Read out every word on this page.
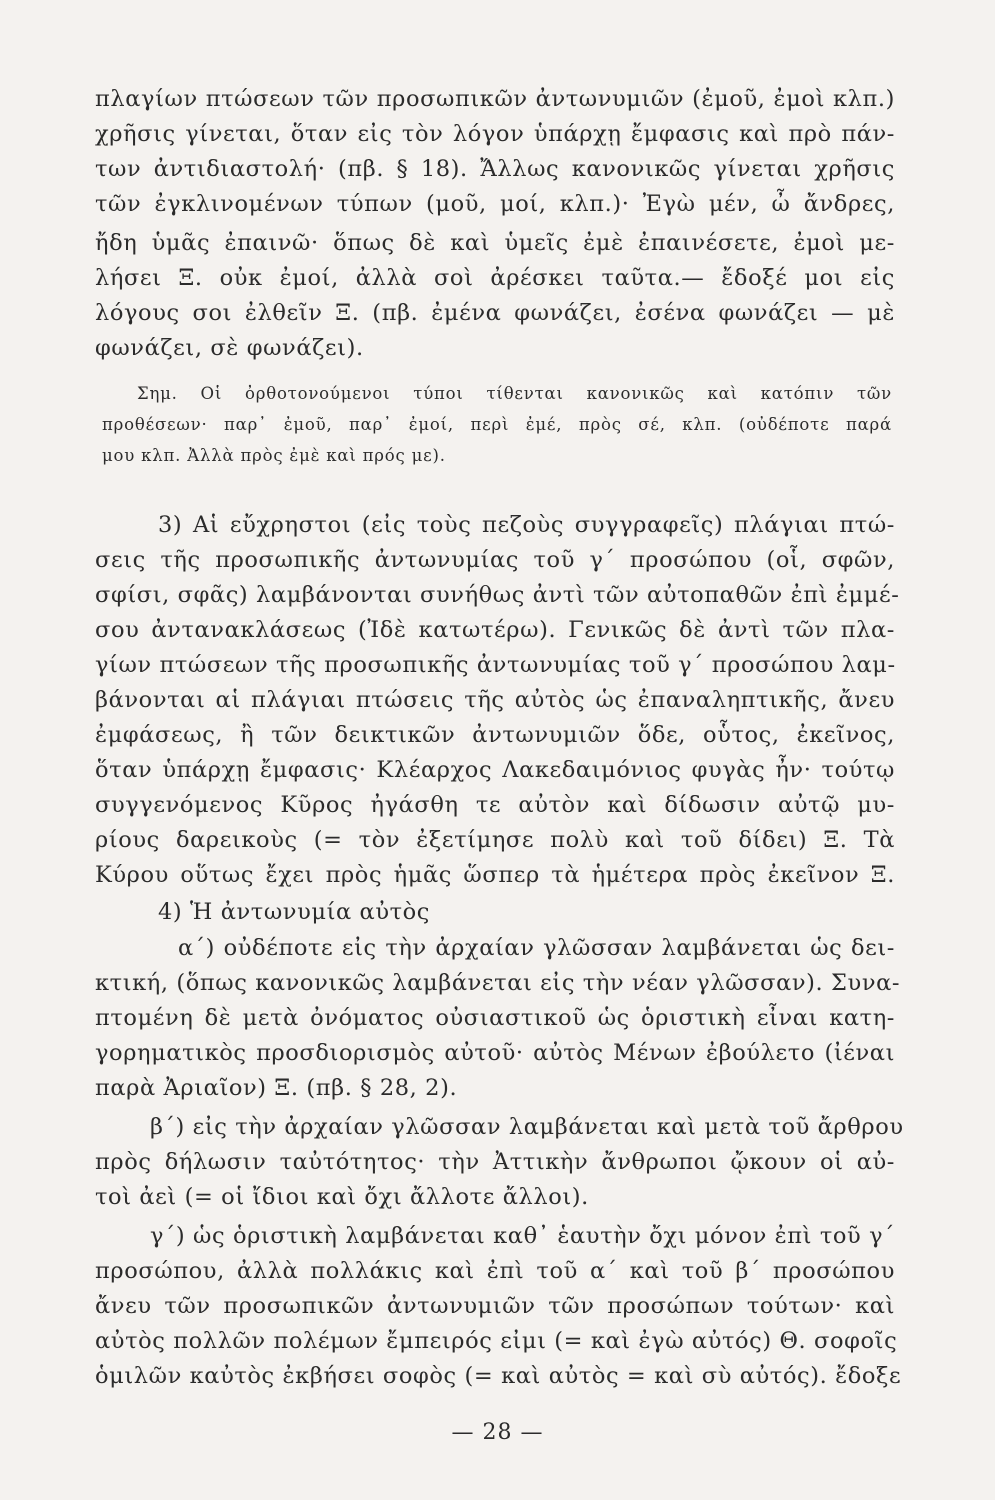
πλαγίων πτώσεων τῶν προσωπικῶν ἀντωνυμιῶν (ἐμοῦ, ἐμοὶ κλπ.)
χρῆσις γίνεται, ὅταν εἰς τὸν λόγον ὑπάρχῃ ἔμφασις καὶ πρὸ πάν-
των ἀντιδιαστολή· (πβ. § 18). Ἄλλως κανονικῶς γίνεται χρῆσις
τῶν ἐγκλινομένων τύπων (μοῦ, μοί, κλπ.)· Ἐγὼ μέν, ὦ ἄνδρες,
ἤδη ὑμᾶς ἐπαινῶ· ὅπως δὲ καὶ ὑμεῖς ἐμὲ ἐπαινέσετε, ἐμοὶ με-
λήσει Ξ. οὐκ ἐμοί, ἀλλὰ σοὶ ἀρέσκει ταῦτα.— ἔδοξέ μοι εἰς
λόγους σοι ἐλθεῖν Ξ. (πβ. ἐμένα φωνάζει, ἐσένα φωνάζει — μὲ
φωνάζει, σὲ φωνάζει).
Σημ. Οἱ ὀρθοτονούμενοι τύποι τίθενται κανονικῶς καὶ κατόπιν τῶν
προθέσεων· παρ᾽ ἐμοῦ, παρ᾽ ἐμοί, περὶ ἐμέ, πρὸς σέ, κλπ. (οὐδέποτε παρά
μου κλπ. Ἀλλὰ πρὸς ἐμὲ καὶ πρός με).
3) Αἱ εὔχρηστοι (εἰς τοὺς πεζοὺς συγγραφεῖς) πλάγιαι πτώ-
σεις τῆς προσωπικῆς ἀντωνυμίας τοῦ γ΄ προσώπου (οἷ, σφῶν,
σφίσι, σφᾶς) λαμβάνονται συνήθως ἀντὶ τῶν αὐτοπαθῶν ἐπὶ ἐμμέ-
σου ἀντανακλάσεως (Ἰδὲ κατωτέρω). Γενικῶς δὲ ἀντὶ τῶν πλα-
γίων πτώσεων τῆς προσωπικῆς ἀντωνυμίας τοῦ γ΄ προσώπου λαμ-
βάνονται αἱ πλάγιαι πτώσεις τῆς αὐτὸς ὡς ἐπαναληπτικῆς, ἄνευ
ἐμφάσεως, ἢ τῶν δεικτικῶν ἀντωνυμιῶν ὅδε, οὗτος, ἐκεῖνος,
ὅταν ὑπάρχῃ ἔμφασις· Κλέαρχος Λακεδαιμόνιος φυγὰς ἦν· τούτῳ
συγγενόμενος Κῦρος ἠγάσθη τε αὐτὸν καὶ δίδωσιν αὐτῷ μυ-
ρίους δαρεικοὺς (= τὸν ἐξετίμησε πολὺ καὶ τοῦ δίδει) Ξ. Τὰ
Κύρου οὕτως ἔχει πρὸς ἡμᾶς ὥσπερ τὰ ἡμέτερα πρὸς ἐκεῖνον Ξ.
4) Ἡ ἀντωνυμία αὐτὸς
α΄) οὐδέποτε εἰς τὴν ἀρχαίαν γλῶσσαν λαμβάνεται ὡς δει-
κτική, (ὅπως κανονικῶς λαμβάνεται εἰς τὴν νέαν γλῶσσαν). Συνα-
πτομένη δὲ μετὰ ὀνόματος οὐσιαστικοῦ ὡς ὁριστικὴ εἶναι κατη-
γορηματικὸς προσδιορισμὸς αὐτοῦ· αὐτὸς Μένων ἐβούλετο (ἰέναι
παρὰ Ἀριαῖον) Ξ. (πβ. § 28, 2).
β΄) εἰς τὴν ἀρχαίαν γλῶσσαν λαμβάνεται καὶ μετὰ τοῦ ἄρθρου
πρὸς δήλωσιν ταὐτότητος· τὴν Ἀττικὴν ἄνθρωποι ᾤκουν οἱ αὐ-
τοὶ ἀεὶ (= οἱ ἴδιοι καὶ ὄχι ἄλλοτε ἄλλοι).
γ΄) ὡς ὁριστικὴ λαμβάνεται καθ᾽ ἑαυτὴν ὄχι μόνον ἐπὶ τοῦ γ΄
προσώπου, ἀλλὰ πολλάκις καὶ ἐπὶ τοῦ α΄ καὶ τοῦ β΄ προσώπου
ἄνευ τῶν προσωπικῶν ἀντωνυμιῶν τῶν προσώπων τούτων· καὶ
αὐτὸς πολλῶν πολέμων ἔμπειρός εἰμι (= καὶ ἐγὼ αὐτός) Θ. σοφοῖς
ὁμιλῶν καὐτὸς ἐκβήσει σοφὸς (= καὶ αὐτὸς = καὶ σὺ αὐτός). ἔδοξε
— 28 —
